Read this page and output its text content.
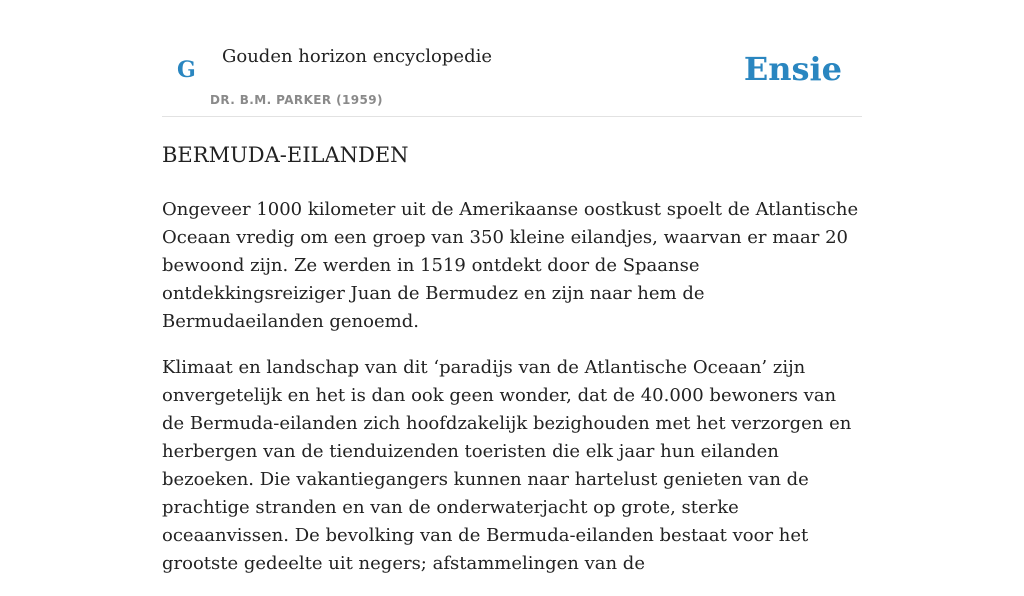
G
Gouden horizon encyclopedie
DR. B.M. PARKER (1959)
Ensie
BERMUDA-EILANDEN

Ongeveer 1000 kilometer uit de Amerikaanse oostkust spoelt de Atlantische Oceaan vredig om een groep van 350 kleine eilandjes, waarvan er maar 20 bewoond zijn. Ze werden in 1519 ontdekt door de Spaanse ontdekkingsreiziger Juan de Bermudez en zijn naar hem de Bermudaeilanden genoemd.

Klimaat en landschap van dit ‘paradijs van de Atlantische Oceaan’ zijn onvergetelijk en het is dan ook geen wonder, dat de 40.000 bewoners van de Bermuda-eilanden zich hoofdzakelijk bezighouden met het verzorgen en herbergen van de tienduizenden toeristen die elk jaar hun eilanden bezoeken. Die vakantiegangers kunnen naar hartelust genieten van de prachtige stranden en van de onderwaterjacht op grote, sterke oceaanvissen. De bevolking van de Bermuda-eilanden bestaat voor het grootste gedeelte uit negers; afstammelingen van de
